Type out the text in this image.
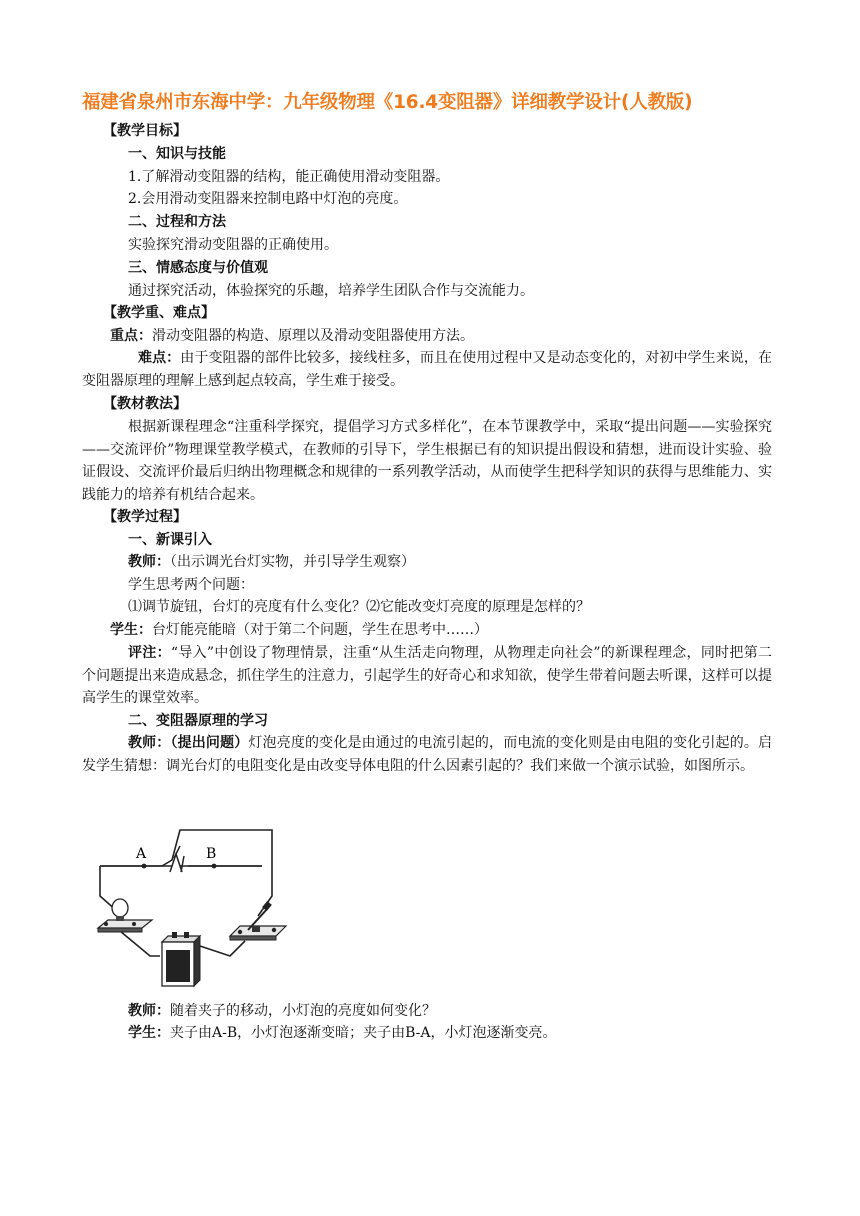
福建省泉州市东海中学：九年级物理《16.4变阻器》详细教学设计(人教版)
【教学目标】
一、知识与技能
1.了解滑动变阻器的结构，能正确使用滑动变阻器。
2.会用滑动变阻器来控制电路中灯泡的亮度。
二、过程和方法
实验探究滑动变阻器的正确使用。
三、情感态度与价值观
通过探究活动，体验探究的乐趣，培养学生团队合作与交流能力。
【教学重、难点】
重点：滑动变阻器的构造、原理以及滑动变阻器使用方法。
难点：由于变阻器的部件比较多，接线柱多，而且在使用过程中又是动态变化的，对初中学生来说，在变阻器原理的理解上感到起点较高，学生难于接受。
【教材教法】
根据新课程理念“注重科学探究，提倡学习方式多样化”，在本节课教学中，采取“提出问题——实验探究——交流评价”物理课堂教学模式，在教师的引导下，学生根据已有的知识提出假设和猜想，进而设计实验、验证假设、交流评价最后归纳出物理概念和规律的一系列教学活动，从而使学生把科学知识的获得与思维能力、实践能力的培养有机结合起来。
【教学过程】
一、新课引入
教师：（出示调光台灯实物，并引导学生观察）
学生思考两个问题：
⑴调节旋钮，台灯的亮度有什么变化？⑵它能改变灯亮度的原理是怎样的？
学生：台灯能亮能暗（对于第二个问题，学生在思考中……）
评注：“导入”中创设了物理情景，注重“从生活走向物理，从物理走向社会”的新课程理念，同时把第二个问题提出来造成悬念，抓住学生的注意力，引起学生的好奇心和求知欲，使学生带着问题去听课，这样可以提高学生的课堂效率。
二、变阻器原理的学习
教师：（提出问题）灯泡亮度的变化是由通过的电流引起的，而电流的变化则是由电阻的变化引起的。启发学生猜想：调光台灯的电阻变化是由改变导体电阻的什么因素引起的？我们来做一个演示试验，如图所示。
A	B
教师：随着夹子的移动，小灯泡的亮度如何变化？
学生：夹子由A-B，小灯泡逐渐变暗；夹子由B-A，小灯泡逐渐变亮。
